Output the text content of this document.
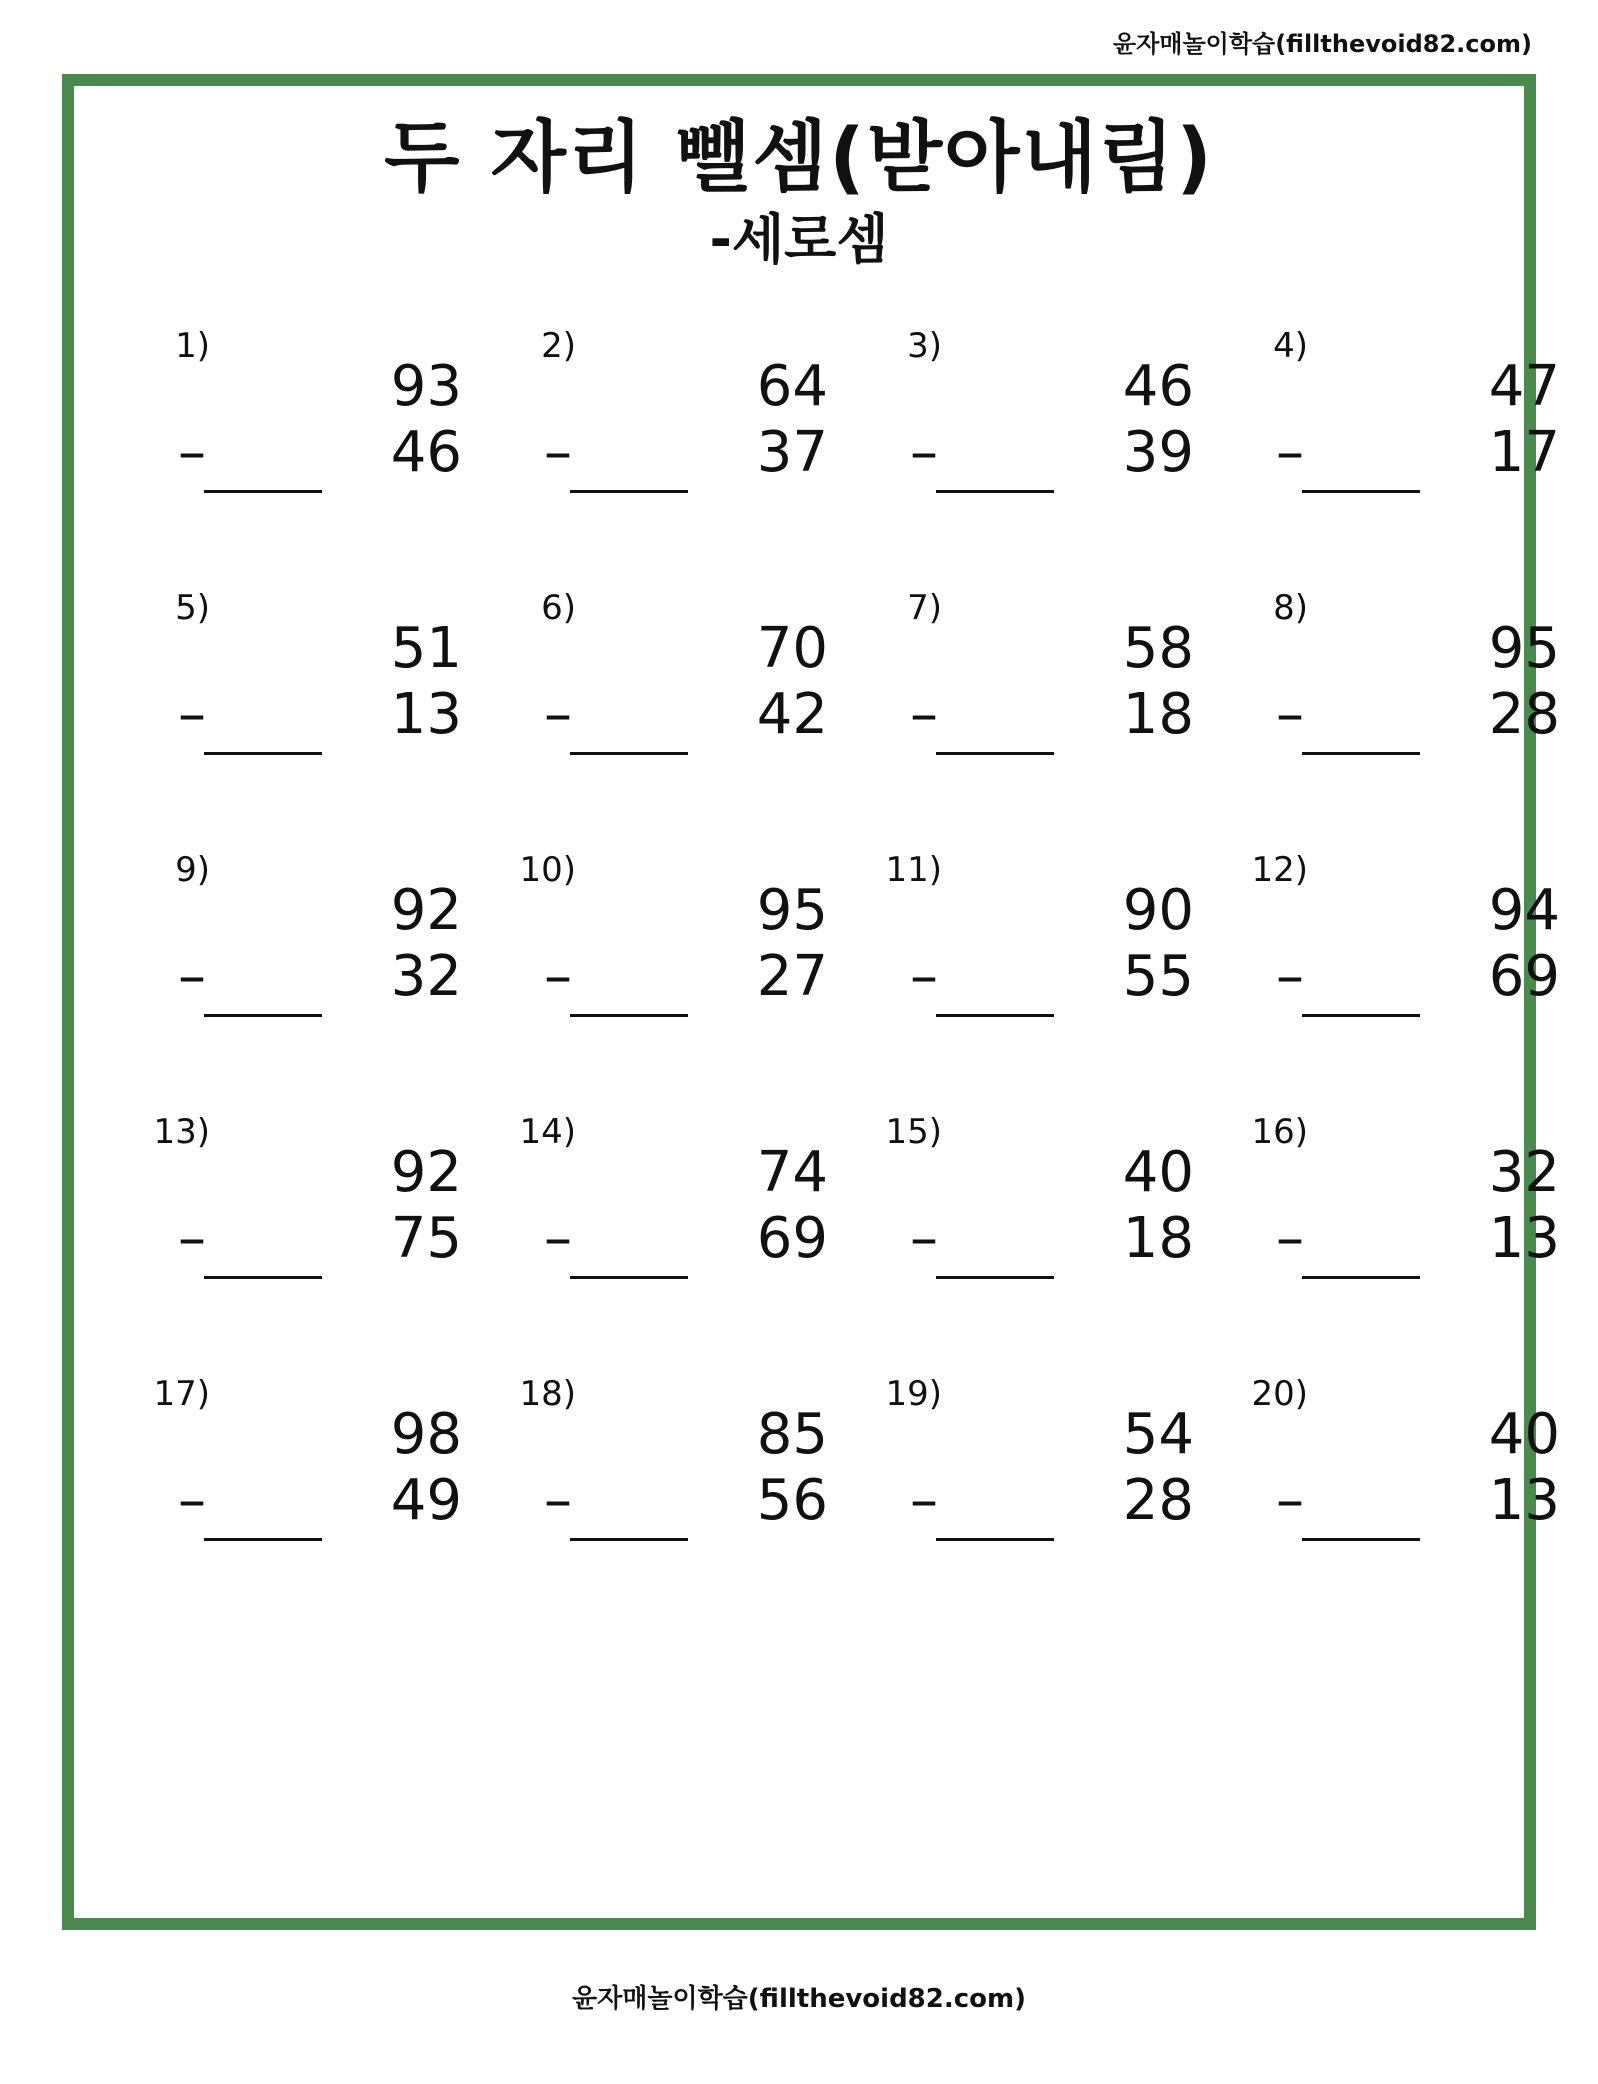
윤자매놀이학습(fillthevoid82.com)
두 자리 뺄셈(받아내림)
-세로셈
1)
93
–	46
2)
64
–	37
3)
46
–	39
4)
47
–	17
5)
51
–	13
6)
70
–	42
7)
58
–	18
8)
95
–	28
9)
92
–	32
10)
95
–	27
11)
90
–	55
12)
94
–	69
13)
92
–	75
14)
74
–	69
15)
40
–	18
16)
32
–	13
17)
98
–	49
18)
85
–	56
19)
54
–	28
20)
40
–	13
윤자매놀이학습(fillthevoid82.com)
